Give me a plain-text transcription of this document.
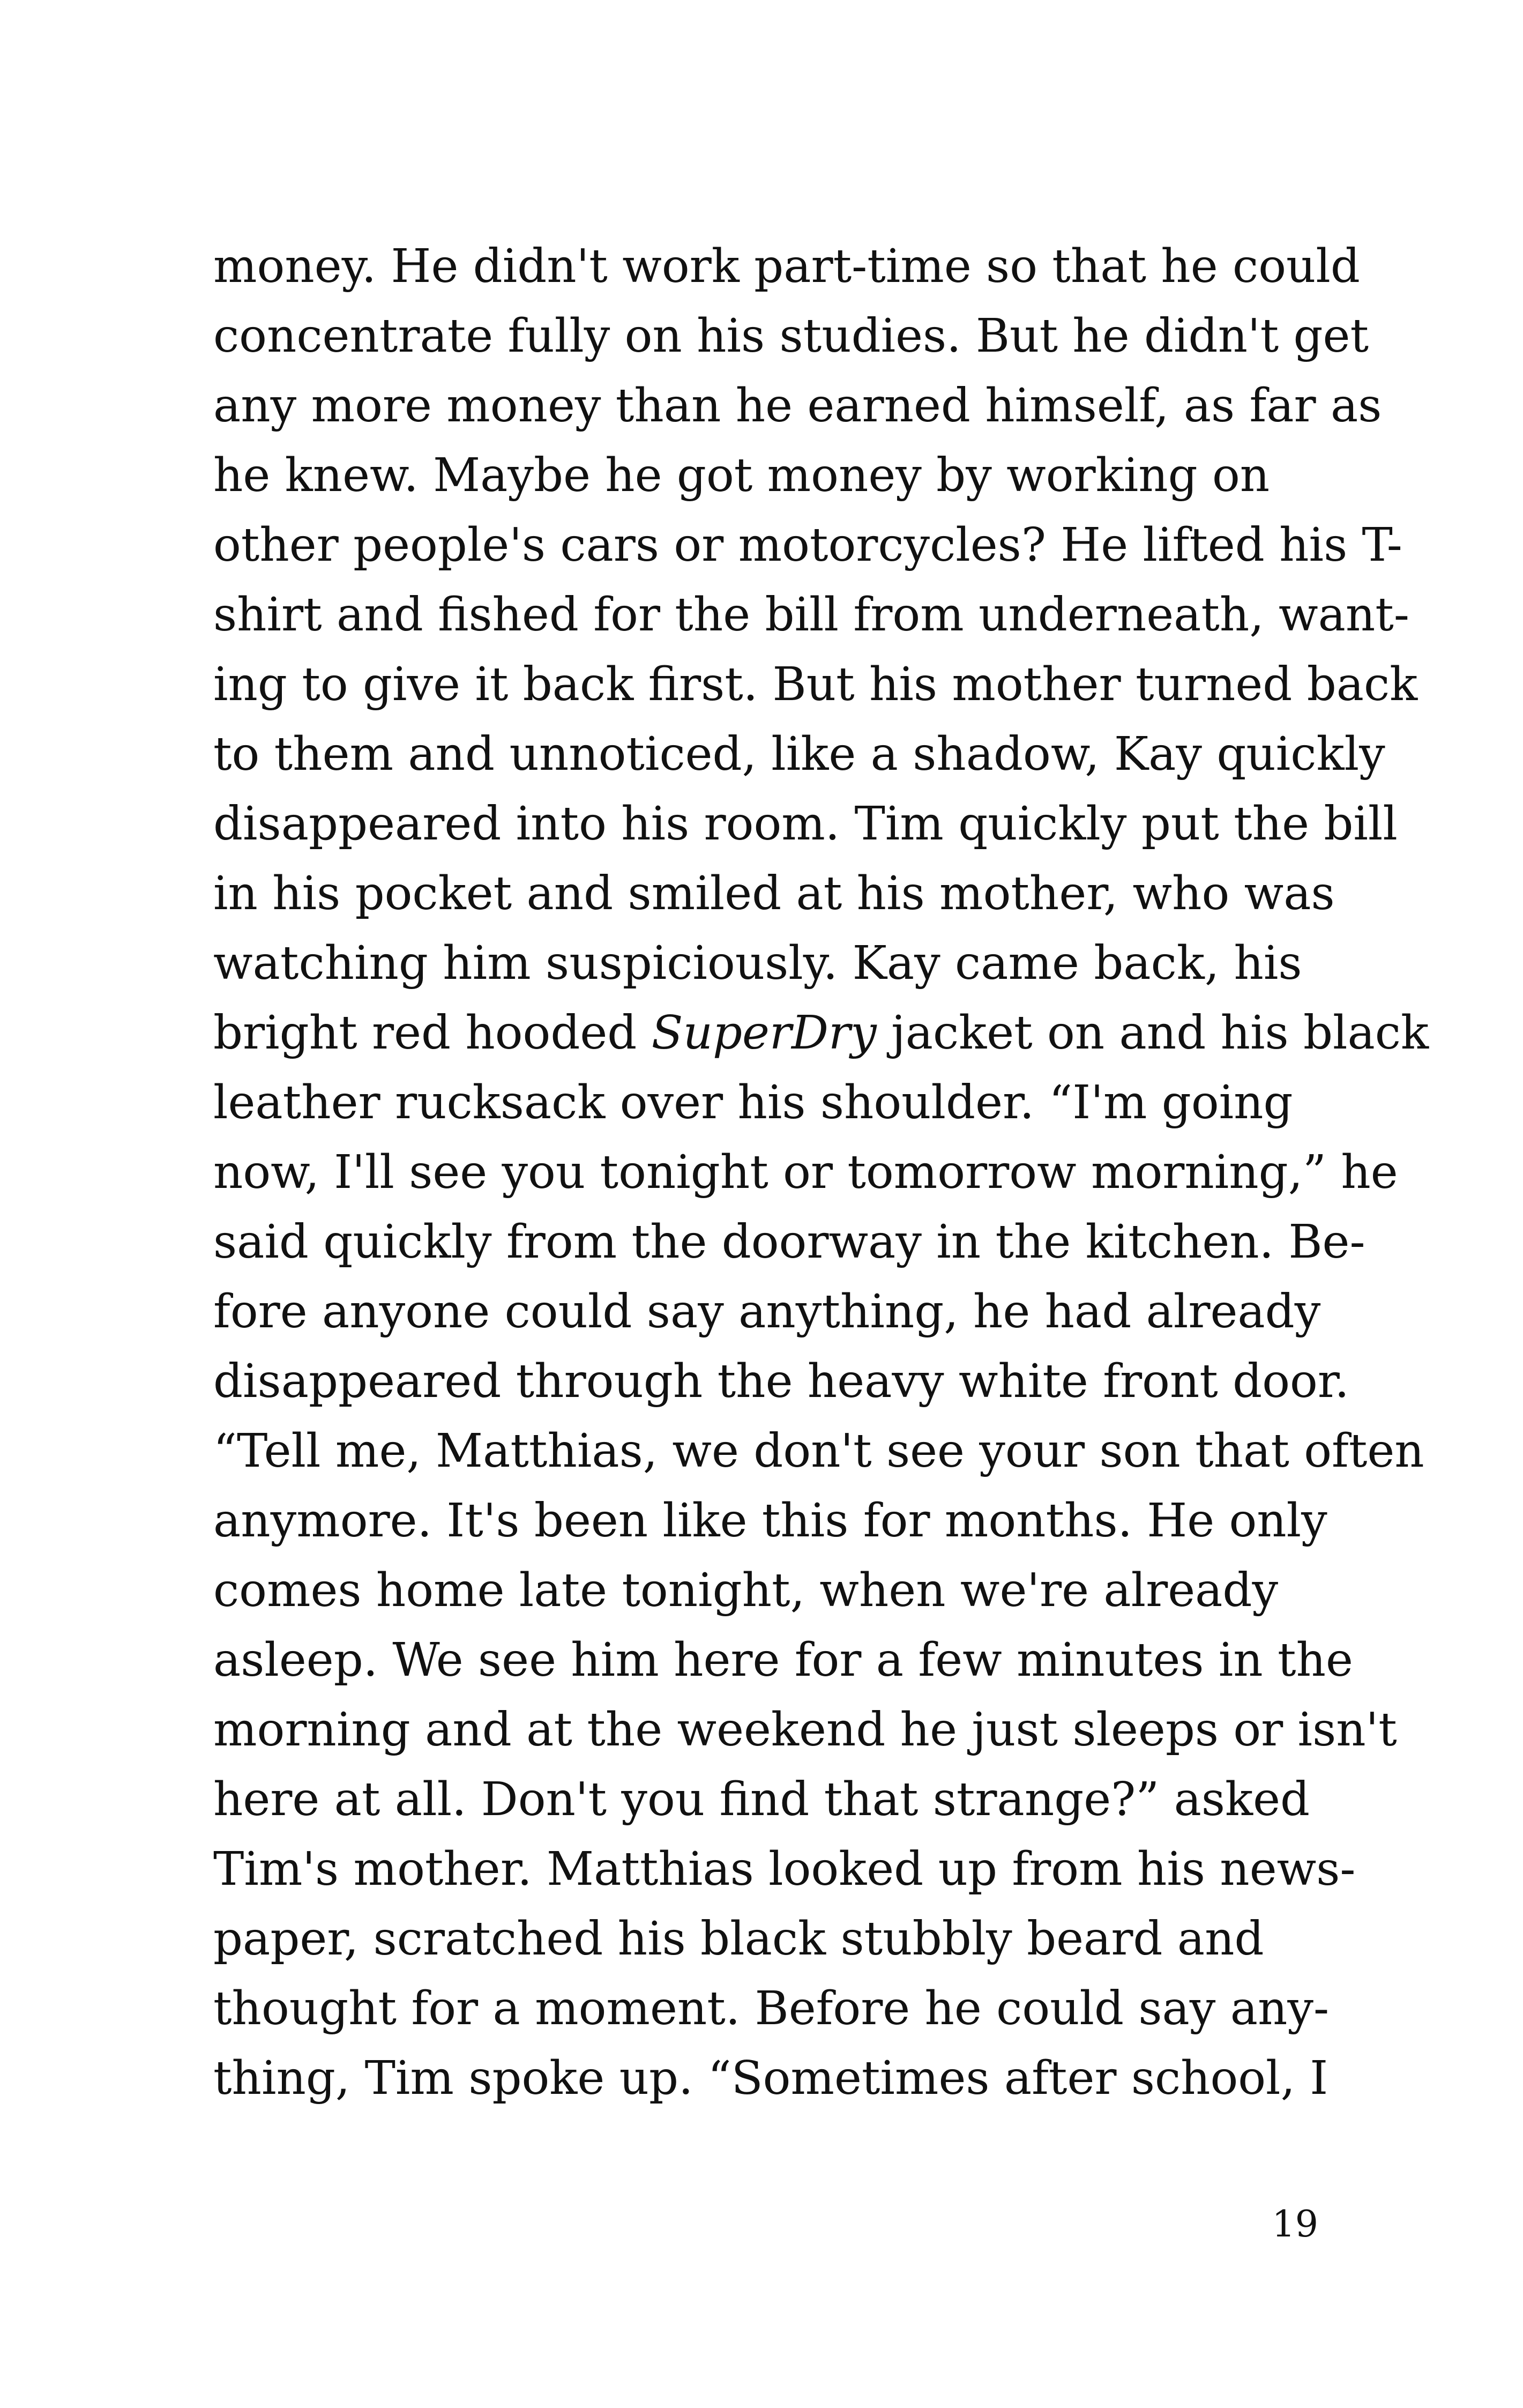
money. He didn't work part-time so that he could
concentrate fully on his studies. But he didn't get
any more money than he earned himself, as far as
he knew. Maybe he got money by working on
other people's cars or motorcycles? He lifted his T-
shirt and fished for the bill from underneath, want-
ing to give it back first. But his mother turned back
to them and unnoticed, like a shadow, Kay quickly
disappeared into his room. Tim quickly put the bill
in his pocket and smiled at his mother, who was
watching him suspiciously. Kay came back, his
bright red hooded SuperDry jacket on and his black
leather rucksack over his shoulder. “I'm going
now, I'll see you tonight or tomorrow morning,” he
said quickly from the doorway in the kitchen. Be-
fore anyone could say anything, he had already
disappeared through the heavy white front door.
“Tell me, Matthias, we don't see your son that often
anymore. It's been like this for months. He only
comes home late tonight, when we're already
asleep. We see him here for a few minutes in the
morning and at the weekend he just sleeps or isn't
here at all. Don't you find that strange?” asked
Tim's mother. Matthias looked up from his news-
paper, scratched his black stubbly beard and
thought for a moment. Before he could say any-
thing, Tim spoke up. “Sometimes after school, I
19
